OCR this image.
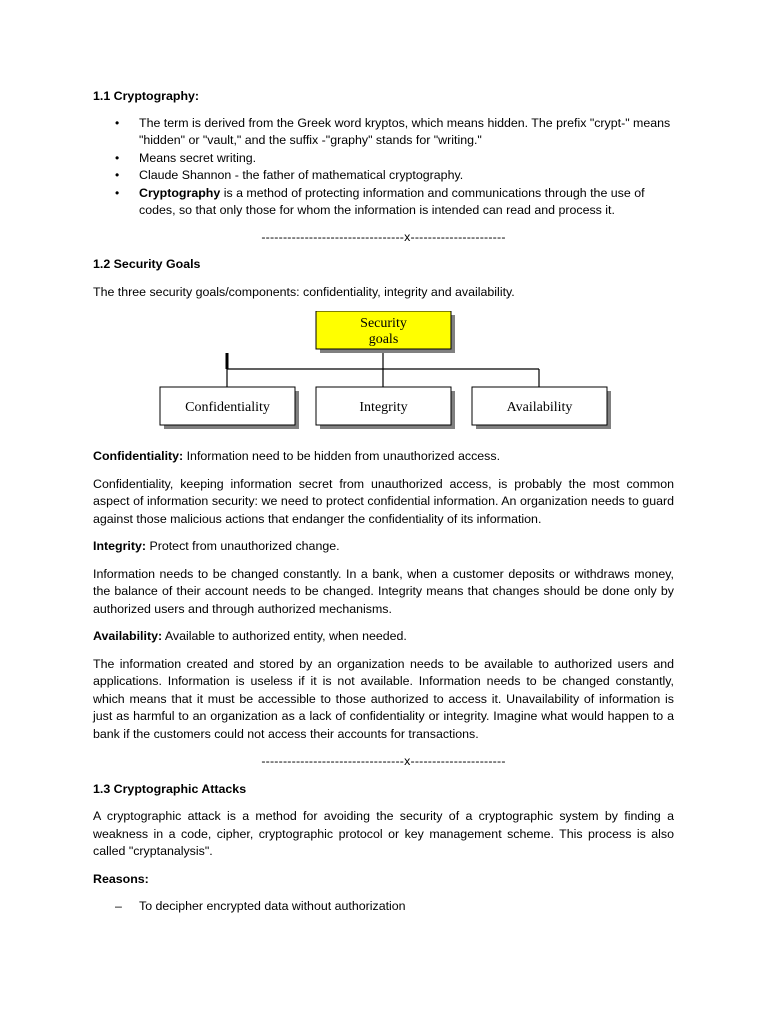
1.1 Cryptography:

• The term is derived from the Greek word kryptos, which means hidden. The prefix "crypt-" means "hidden" or "vault," and the suffix -"graphy" stands for "writing."
• Means secret writing.
• Claude Shannon - the father of mathematical cryptography.
• Cryptography is a method of protecting information and communications through the use of codes, so that only those for whom the information is intended can read and process it.

---------------------------------x----------------------

1.2 Security Goals

The three security goals/components: confidentiality, integrity and availability.

Security
goals
Confidentiality	Integrity	Availability

Confidentiality: Information need to be hidden from unauthorized access.

Confidentiality, keeping information secret from unauthorized access, is probably the most common aspect of information security: we need to protect confidential information. An organization needs to guard against those malicious actions that endanger the confidentiality of its information.

Integrity: Protect from unauthorized change.

Information needs to be changed constantly. In a bank, when a customer deposits or withdraws money, the balance of their account needs to be changed. Integrity means that changes should be done only by authorized users and through authorized mechanisms.

Availability: Available to authorized entity, when needed.

The information created and stored by an organization needs to be available to authorized users and applications. Information is useless if it is not available. Information needs to be changed constantly, which means that it must be accessible to those authorized to access it. Unavailability of information is just as harmful to an organization as a lack of confidentiality or integrity. Imagine what would happen to a bank if the customers could not access their accounts for transactions.

---------------------------------x----------------------

1.3 Cryptographic Attacks

A cryptographic attack is a method for avoiding the security of a cryptographic system by finding a weakness in a code, cipher, cryptographic protocol or key management scheme. This process is also called "cryptanalysis".

Reasons:

– To decipher encrypted data without authorization
